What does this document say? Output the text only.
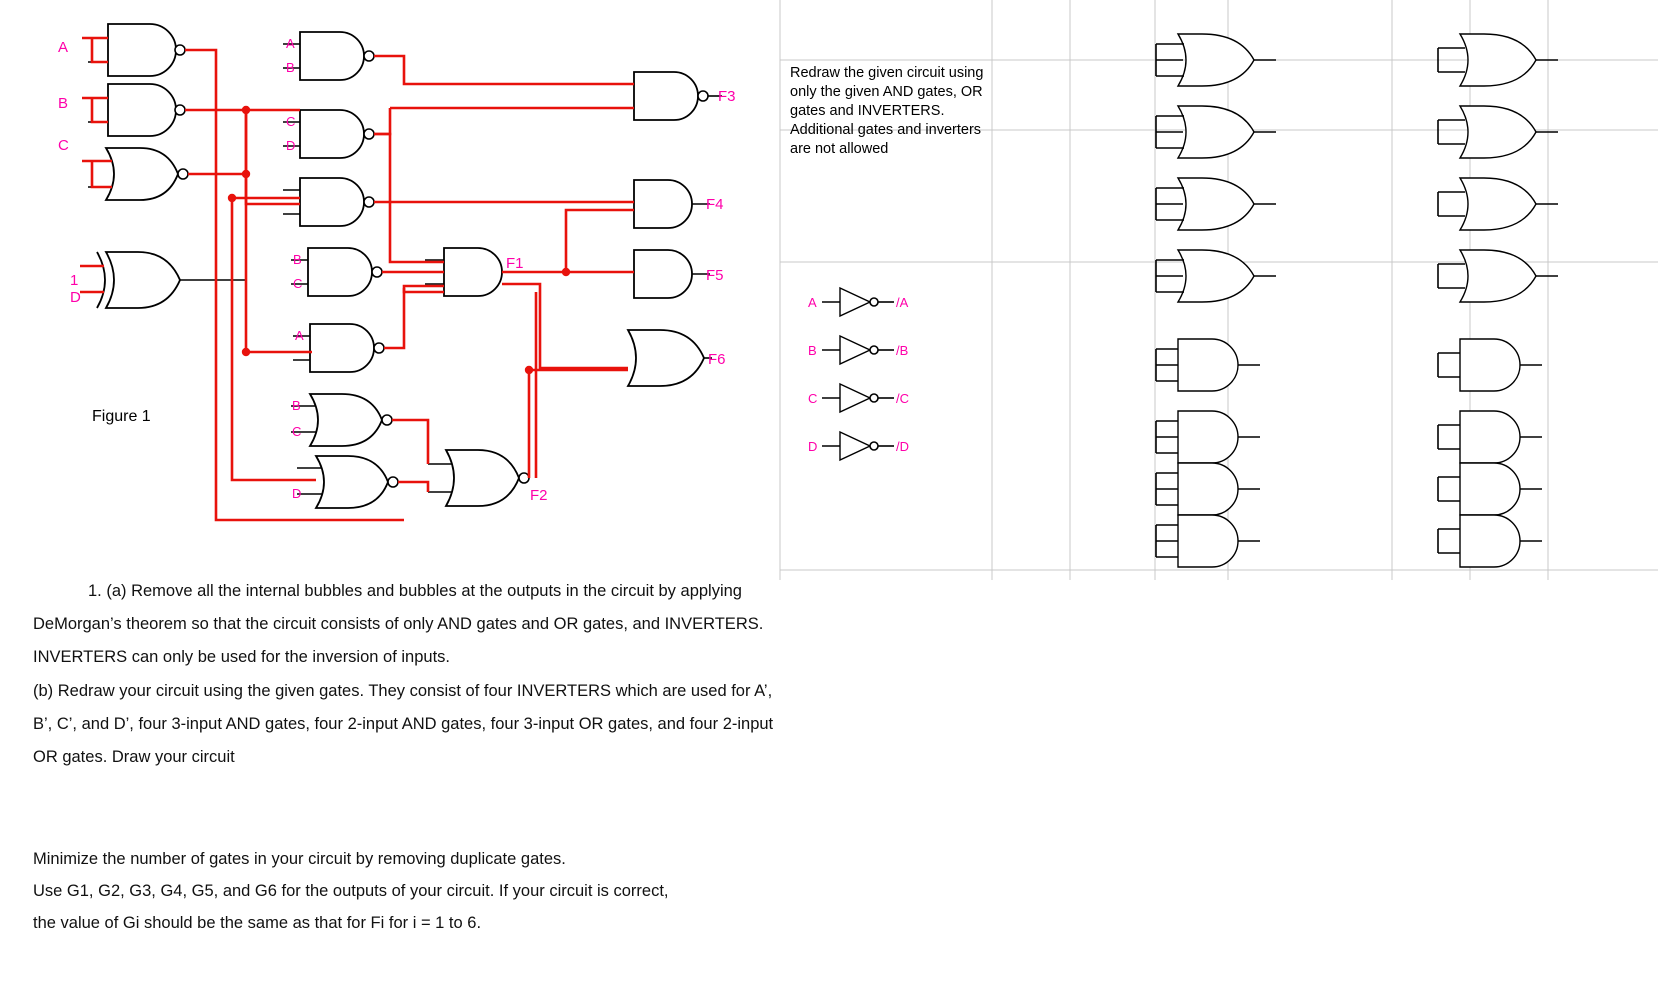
A
B
C
1
D
A
B
C
D
B
C
F1
A
B
C
D	F2
F3
F4
F5
F6
Figure 1
A	/A
B	/B
C	/C
D	/D
Redraw the given circuit using only the given AND gates, OR gates and INVERTERS. Additional gates and inverters are not allowed
1. (a) Remove all the internal bubbles and bubbles at the outputs in the circuit by applying DeMorgan’s theorem so that the circuit consists of only AND gates and OR gates, and INVERTERS. INVERTERS can only be used for the inversion of inputs.
(b) Redraw your circuit using the given gates. They consist of four INVERTERS which are used for A’, B’, C’, and D’, four 3-input AND gates, four 2-input AND gates, four 3-input OR gates, and four 2-input OR gates. Draw your circuit
Minimize the number of gates in your circuit by removing duplicate gates.
Use G1, G2, G3, G4, G5, and G6 for the outputs of your circuit. If your circuit is correct,
the value of Gi should be the same as that for Fi for i = 1 to 6.
